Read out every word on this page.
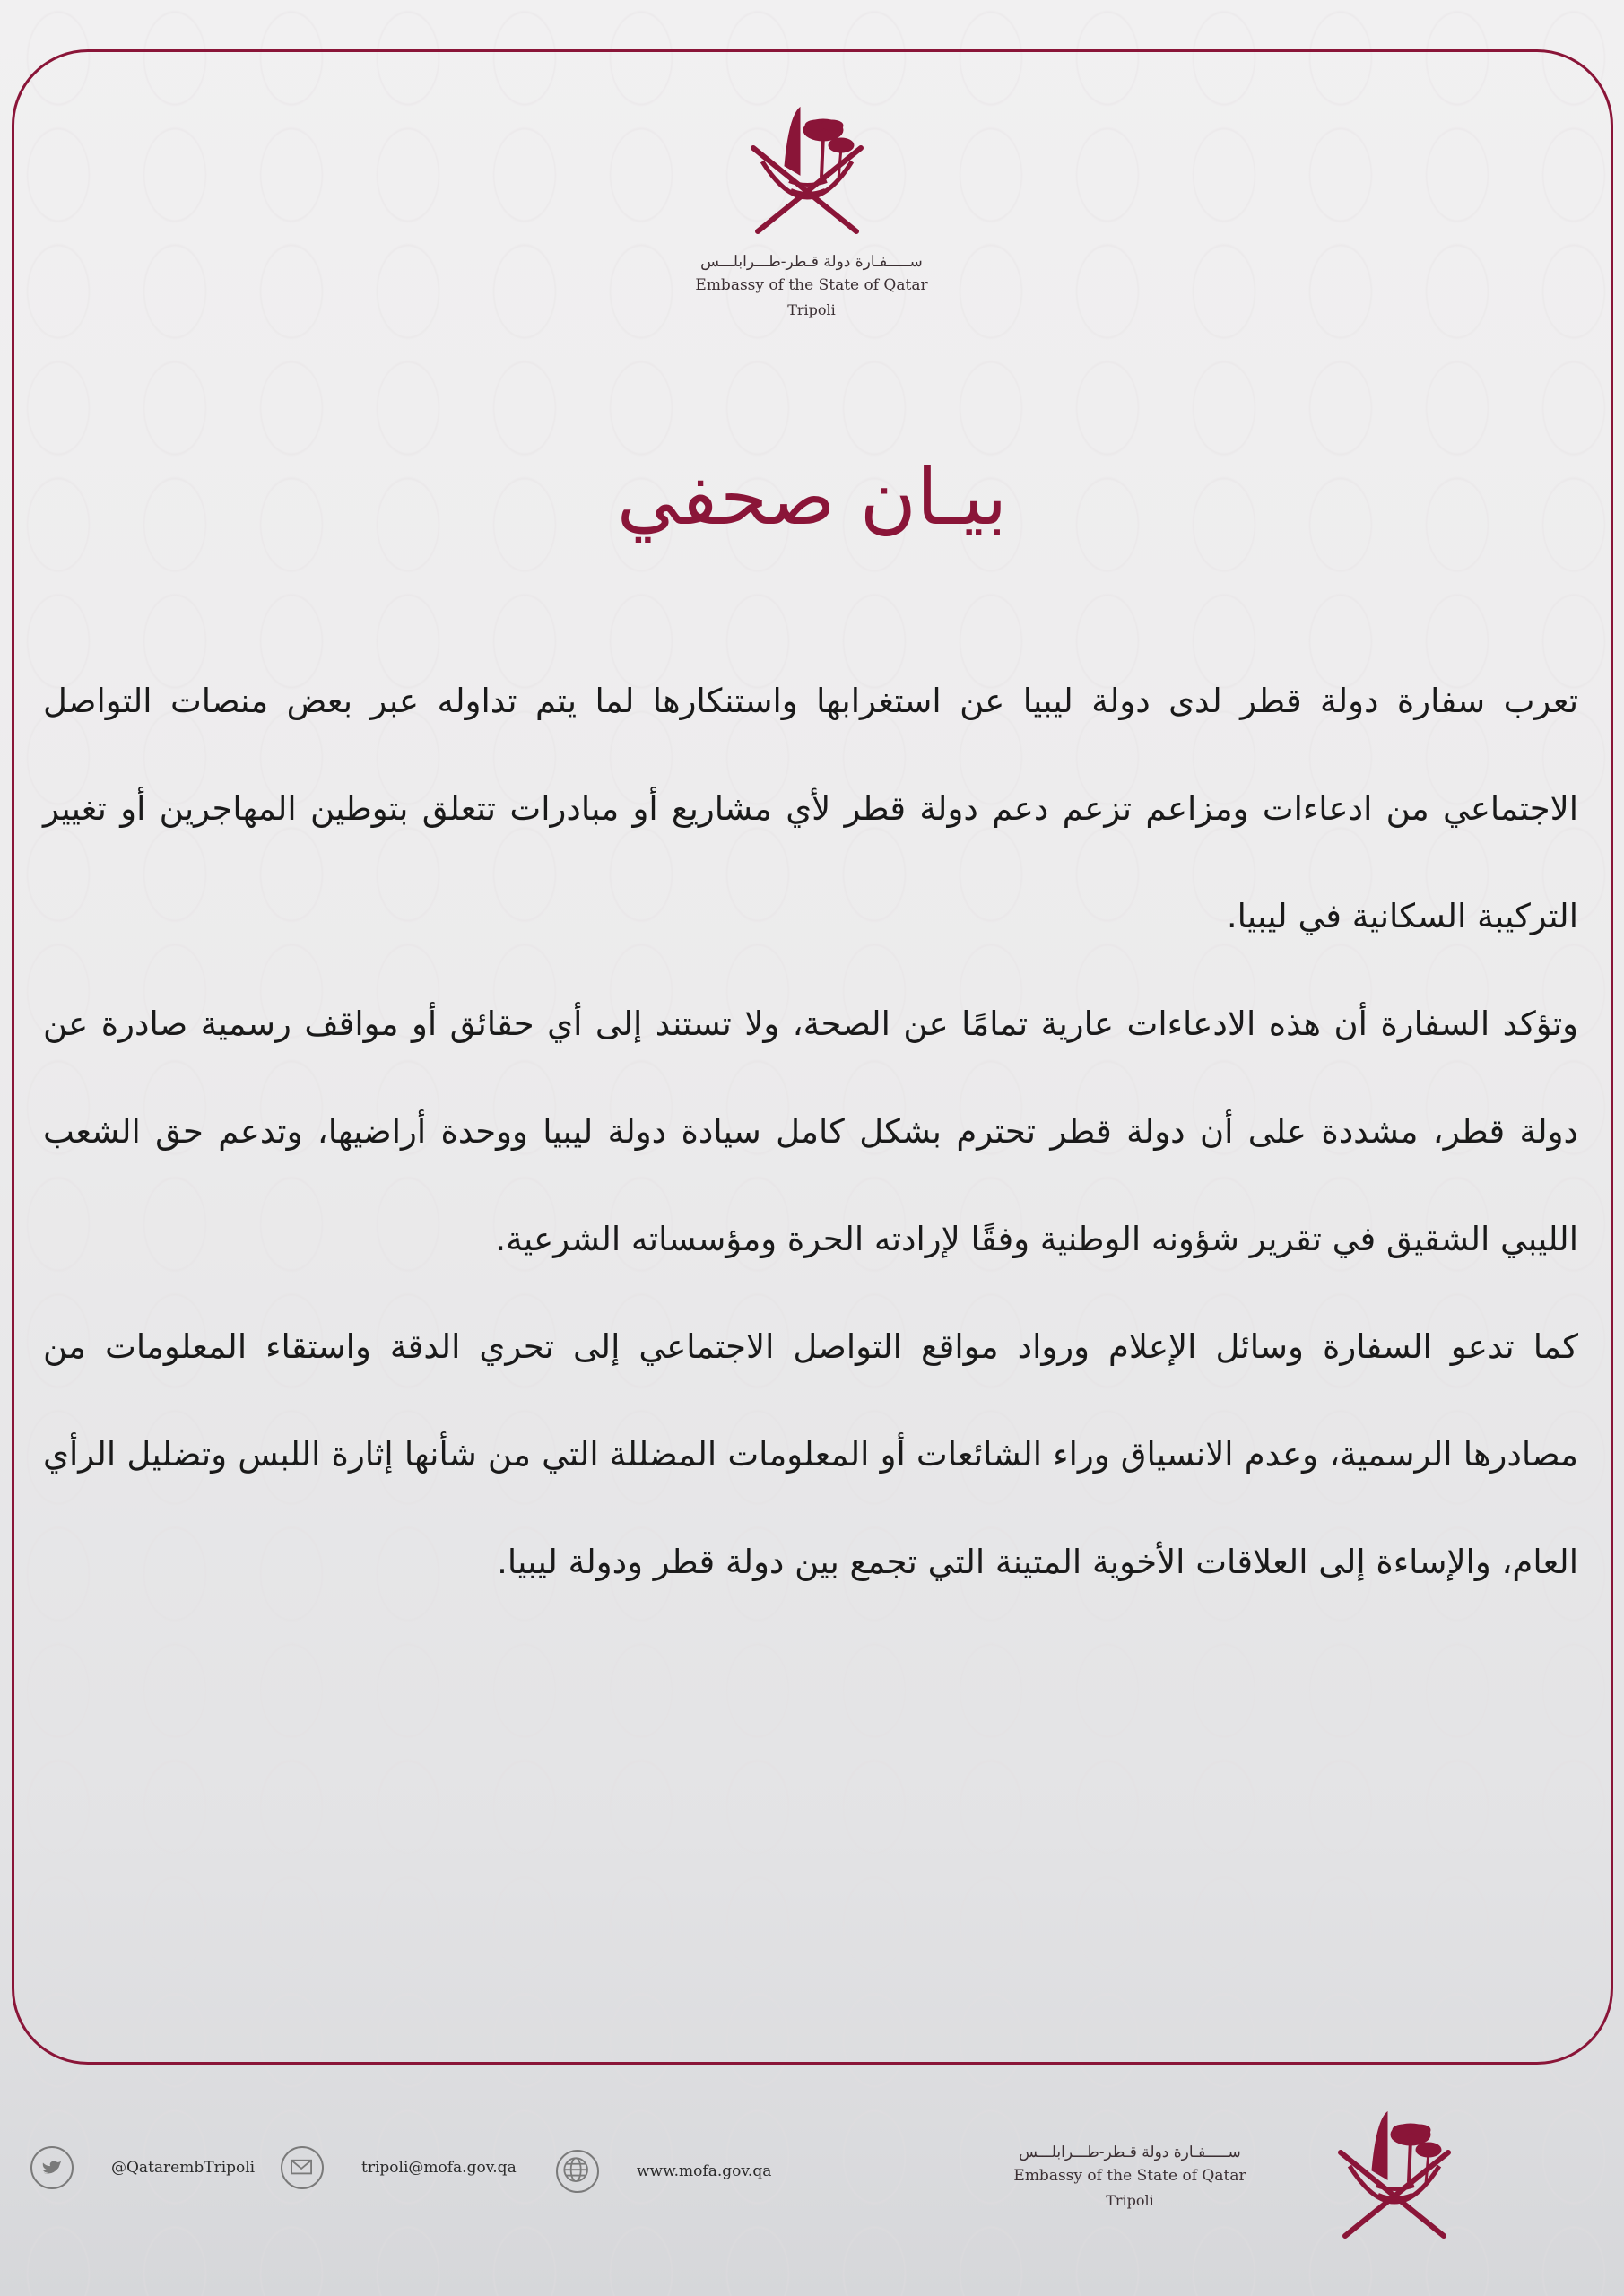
ســـــفـارة دولة قـطر-طـــرابلـــس
Embassy of the State of Qatar
Tripoli
بيـان صحفي

تعرب سفارة دولة قطر لدى دولة ليبيا عن استغرابها واستنكارها لما يتم تداوله عبر بعض منصات التواصل الاجتماعي من ادعاءات ومزاعم تزعم دعم دولة قطر لأي مشاريع أو مبادرات تتعلق بتوطين المهاجرين أو تغيير التركيبة السكانية في ليبيا.

وتؤكد السفارة أن هذه الادعاءات عارية تمامًا عن الصحة، ولا تستند إلى أي حقائق أو مواقف رسمية صادرة عن دولة قطر، مشددة على أن دولة قطر تحترم بشكل كامل سيادة دولة ليبيا ووحدة أراضيها، وتدعم حق الشعب الليبي الشقيق في تقرير شؤونه الوطنية وفقًا لإرادته الحرة ومؤسساته الشرعية.

كما تدعو السفارة وسائل الإعلام ورواد مواقع التواصل الاجتماعي إلى تحري الدقة واستقاء المعلومات من مصادرها الرسمية، وعدم الانسياق وراء الشائعات أو المعلومات المضللة التي من شأنها إثارة اللبس وتضليل الرأي العام، والإساءة إلى العلاقات الأخوية المتينة التي تجمع بين دولة قطر ودولة ليبيا.

@QatarembTripoli	tripoli@mofa.gov.qa	www.mofa.gov.qa
ســـــفـارة دولة قـطر-طـــرابلـــس
Embassy of the State of Qatar
Tripoli
